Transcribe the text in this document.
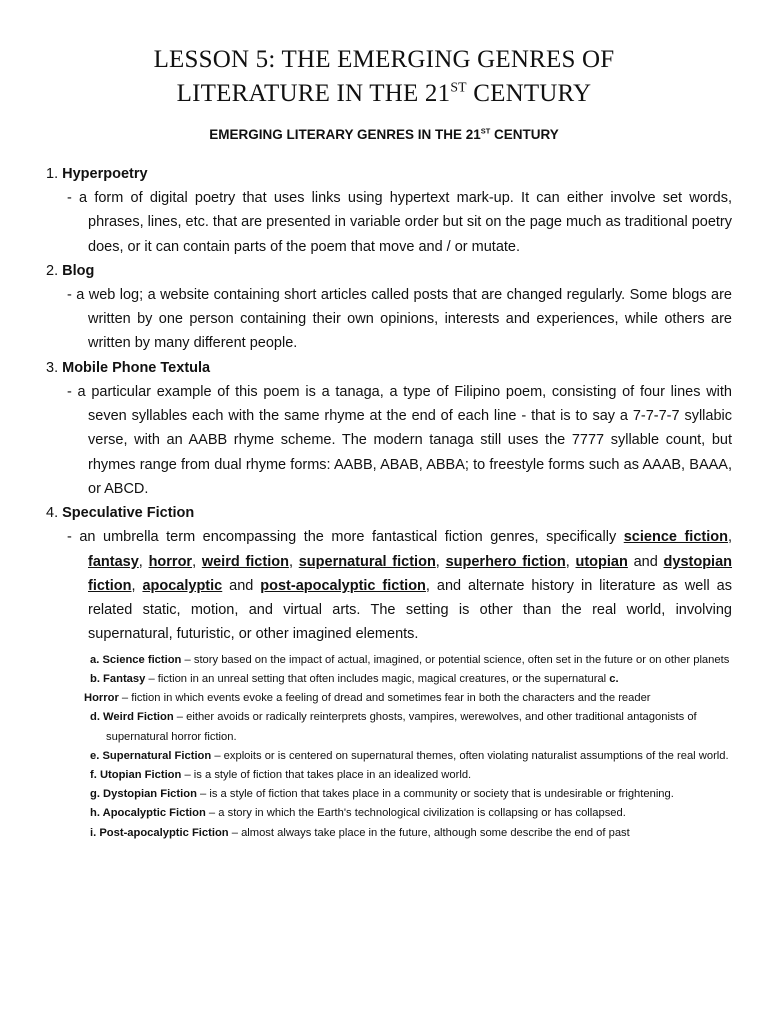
LESSON 5: THE EMERGING GENRES OF
LITERATURE IN THE 21ST CENTURY
EMERGING LITERARY GENRES IN THE 21ST CENTURY
1. Hyperpoetry

- a form of digital poetry that uses links using hypertext mark-up. It can either involve set words, phrases, lines, etc. that are presented in variable order but sit on the page much as traditional poetry does, or it can contain parts of the poem that move and / or mutate.

2. Blog

- a web log; a website containing short articles called posts that are changed regularly. Some blogs are written by one person containing their own opinions, interests and experiences, while others are written by many different people.

3. Mobile Phone Textula

- a particular example of this poem is a tanaga, a type of Filipino poem, consisting of four lines with seven syllables each with the same rhyme at the end of each line - that is to say a 7-7-7-7 syllabic verse, with an AABB rhyme scheme. The modern tanaga still uses the 7777 syllable count, but rhymes range from dual rhyme forms: AABB, ABAB, ABBA; to freestyle forms such as AAAB, BAAA, or ABCD.

4. Speculative Fiction

- an umbrella term encompassing the more fantastical fiction genres, specifically science fiction, fantasy, horror, weird fiction, supernatural fiction, superhero fiction, utopian and dystopian fiction, apocalyptic and post-apocalyptic fiction, and alternate history in literature as well as related static, motion, and virtual arts. The setting is other than the real world, involving supernatural, futuristic, or other imagined elements.

a. Science fiction – story based on the impact of actual, imagined, or potential science, often set in the future or on other planets

b. Fantasy – fiction in an unreal setting that often includes magic, magical creatures, or the supernatural c.

Horror – fiction in which events evoke a feeling of dread and sometimes fear in both the characters and the reader

d. Weird Fiction – either avoids or radically reinterprets ghosts, vampires, werewolves, and other traditional antagonists of supernatural horror fiction.

e. Supernatural Fiction – exploits or is centered on supernatural themes, often violating naturalist assumptions of the real world.

f. Utopian Fiction – is a style of fiction that takes place in an idealized world.

g. Dystopian Fiction – is a style of fiction that takes place in a community or society that is undesirable or frightening.

h. Apocalyptic Fiction – a story in which the Earth's technological civilization is collapsing or has collapsed.

i. Post-apocalyptic Fiction – almost always take place in the future, although some describe the end of past
